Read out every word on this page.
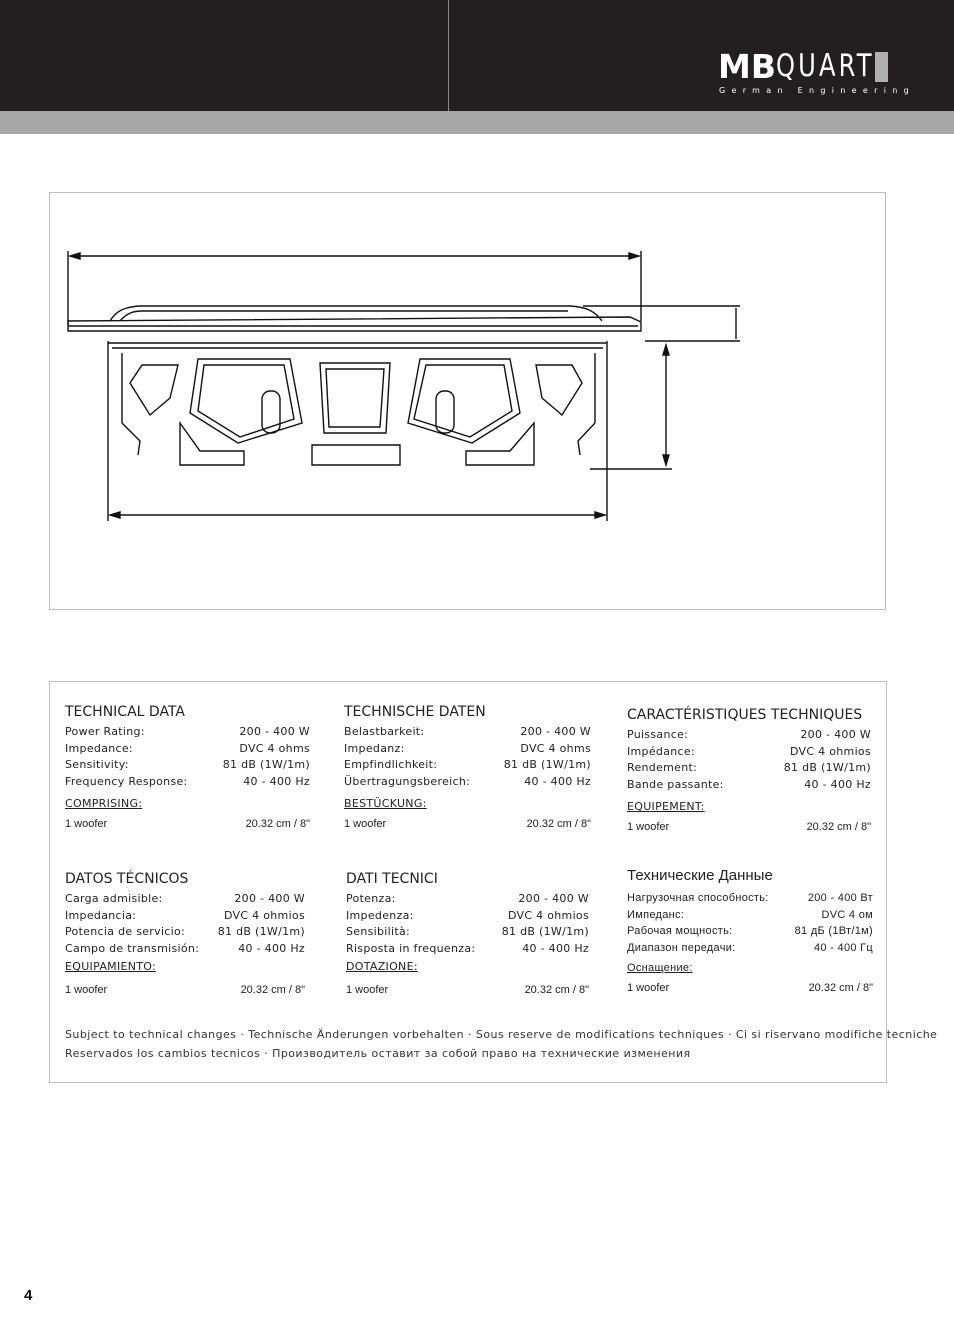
MBQUART
German Engineering
TECHNICAL DATA
Power Rating:	200 - 400 W
Impedance:	DVC 4 ohms
Sensitivity:	81 dB (1W/1m)
Frequency Response:	40 - 400 Hz
COMPRISING:
1 woofer	20.32 cm / 8"
TECHNISCHE DATEN
Belastbarkeit:	200 - 400 W
Impedanz:	DVC 4 ohms
Empfindlichkeit:	81 dB (1W/1m)
Übertragungsbereich:	40 - 400 Hz
BESTÜCKUNG:
1 woofer	20.32 cm / 8"
CARACTÉRISTIQUES TECHNIQUES
Puissance:	200 - 400 W
Impédance:	DVC 4 ohmios
Rendement:	81 dB (1W/1m)
Bande passante:	40 - 400 Hz
EQUIPEMENT:
1 woofer	20.32 cm / 8"
DATOS TÉCNICOS
Carga admisible:	200 - 400 W
Impedancia:	DVC 4 ohmios
Potencia de servicio:	81 dB (1W/1m)
Campo de transmisión:	40 - 400 Hz
EQUIPAMIENTO:
1 woofer	20.32 cm / 8"
DATI TECNICI
Potenza:	200 - 400 W
Impedenza:	DVC 4 ohmios
Sensibilità:	81 dB (1W/1m)
Risposta in frequenza:	40 - 400 Hz
DOTAZIONE:
1 woofer	20.32 cm / 8"
Технические Данные
Нагрузочная способность:	200 - 400 Вт
Импеданс:	DVC 4 ом
Рабочая мощность:	81 дБ (1Вт/1м)
Диапазон передачи:	40 - 400 Гц
Оснащение:
1 woofer	20.32 cm / 8"
Subject to technical changes · Technische Änderungen vorbehalten · Sous reserve de modifications techniques · Ci si riservano modifiche tecniche
Reservados los cambios tecnicos · Производитель оставит за собой право на технические изменения
4
